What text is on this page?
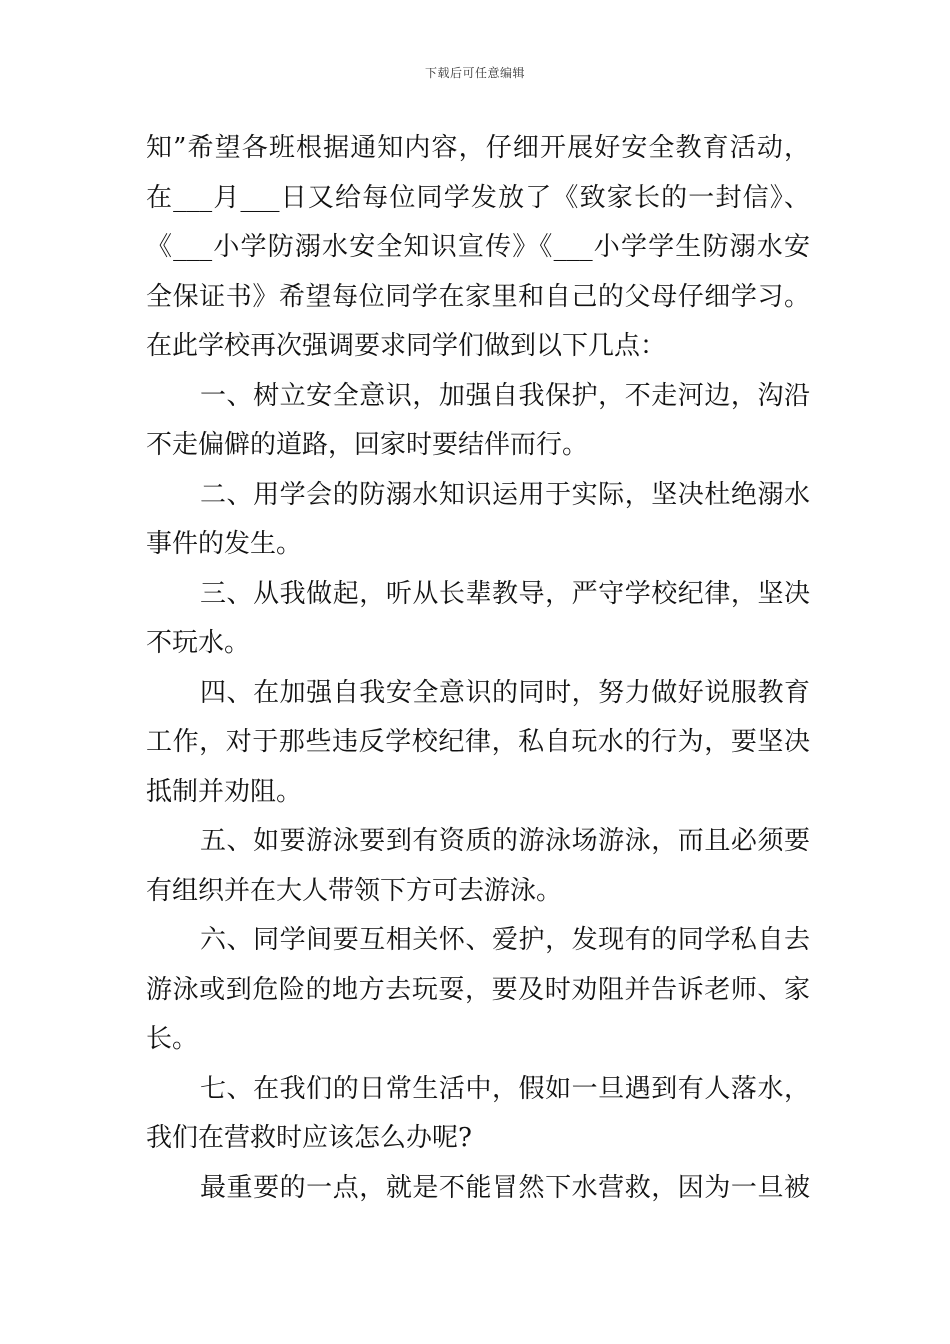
下载后可任意编辑
知”希望各班根据通知内容，仔细开展好安全教育活动，
在___月___日又给每位同学发放了《致家长的一封信》、
《___小学防溺水安全知识宣传》《___小学学生防溺水安
全保证书》希望每位同学在家里和自己的父母仔细学习。
在此学校再次强调要求同学们做到以下几点：
一、树立安全意识，加强自我保护，不走河边，沟沿
不走偏僻的道路，回家时要结伴而行。
二、用学会的防溺水知识运用于实际，坚决杜绝溺水
事件的发生。
三、从我做起，听从长辈教导，严守学校纪律，坚决
不玩水。
四、在加强自我安全意识的同时，努力做好说服教育
工作，对于那些违反学校纪律，私自玩水的行为，要坚决
抵制并劝阻。
五、如要游泳要到有资质的游泳场游泳，而且必须要
有组织并在大人带领下方可去游泳。
六、同学间要互相关怀、爱护，发现有的同学私自去
游泳或到危险的地方去玩耍，要及时劝阻并告诉老师、家
长。
七、在我们的日常生活中，假如一旦遇到有人落水，
我们在营救时应该怎么办呢?
最重要的一点，就是不能冒然下水营救，因为一旦被
